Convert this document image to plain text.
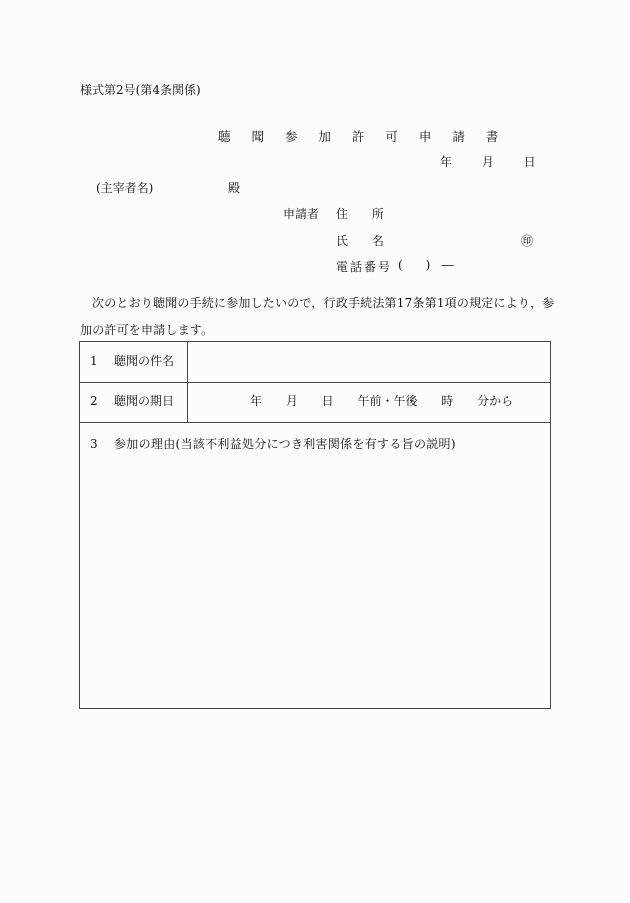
様式第2号(第4条関係)
聴 聞 参 加 許 可 申 請 書
年 月 日
(主宰者名)	殿
申請者 住 所
氏 名	㊞
電話番号 (      )   ―
次のとおり聴聞の手続に参加したいので，行政手続法第17条第1項の規定により，参加の許可を申請します。
1 聴聞の件名
2 聴聞の期日	年 月 日 午前・午後 時 分から
3 参加の理由(当該不利益処分につき利害関係を有する旨の説明)
